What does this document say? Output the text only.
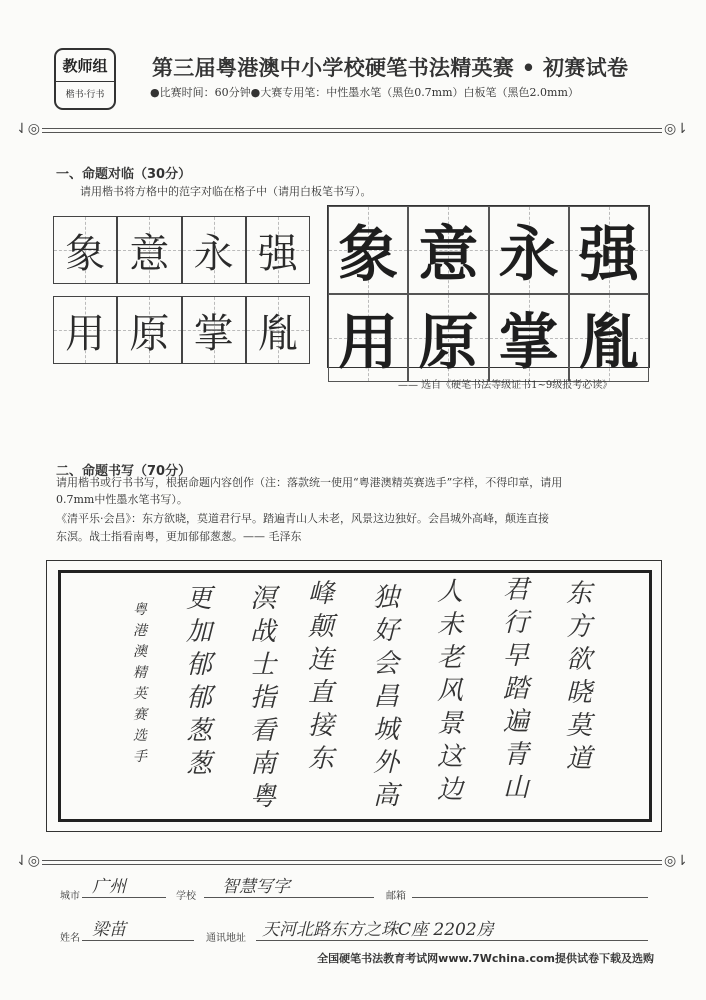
教师组
楷书·行书
第三届粤港澳中小学校硬笔书法精英赛 • 初赛试卷
●比赛时间：60分钟●大赛专用笔：中性墨水笔（黑色0.7mm）白板笔（黑色2.0mm）
⇃◎	◎⇂
一、命题对临（30分）
请用楷书将方格中的范字对临在格子中（请用白板笔书写）。
象 意 永 强
用 原 掌 胤
象 意 永 强
用 原 掌 胤
—— 选自《硬笔书法等级证书1~9级报考必读》
二、命题书写（70分）
请用楷书或行书书写，根据命题内容创作（注：落款统一使用“粤港澳精英赛选手”字样，不得印章，请用
0.7mm中性墨水笔书写）。
《清平乐·会昌》：东方欲晓，莫道君行早。踏遍青山人未老，风景这边独好。会昌城外高峰，颠连直接
东溟。战士指看南粤，更加郁郁葱葱。—— 毛泽东
东
方
欲
晓
莫
道
君
行
早
踏
遍
青
山
人
未
老
风
景
这
边
独
好
会
昌
城
外
高
峰
颠
连
直
接
东
溟
战
士
指
看
南
粤
更
加
郁
郁
葱
葱
粤
港
澳
精
英
赛
选
手
⇃◎	◎⇂
城市 广州	学校 智慧写字	邮箱
姓名 梁苗	通讯地址 天河北路东方之珠C座 2202房
全国硬笔书法教育考试网www.7Wchina.com提供试卷下载及选购
